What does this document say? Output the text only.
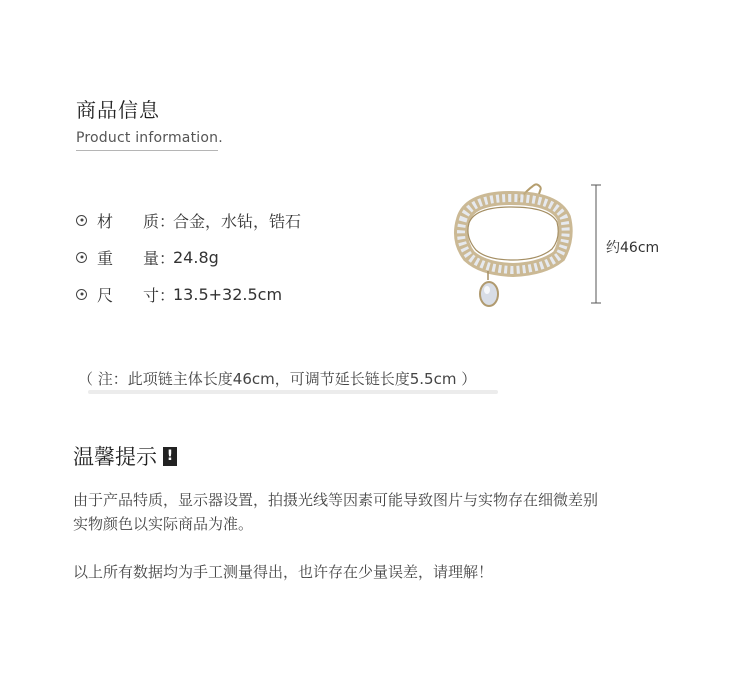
商品信息
Product information.
材	质 ：
合金，水钻，锆石
重	量 ：
24.8g
尺	寸 ：
13.5+32.5cm
约46cm
（ 注：此项链主体长度46cm，可调节延长链长度5.5cm ）
温馨提示 !
由于产品特质，显示器设置，拍摄光线等因素可能导致图片与实物存在细微差别
实物颜色以实际商品为准。
以上所有数据均为手工测量得出，也许存在少量误差，请理解！
